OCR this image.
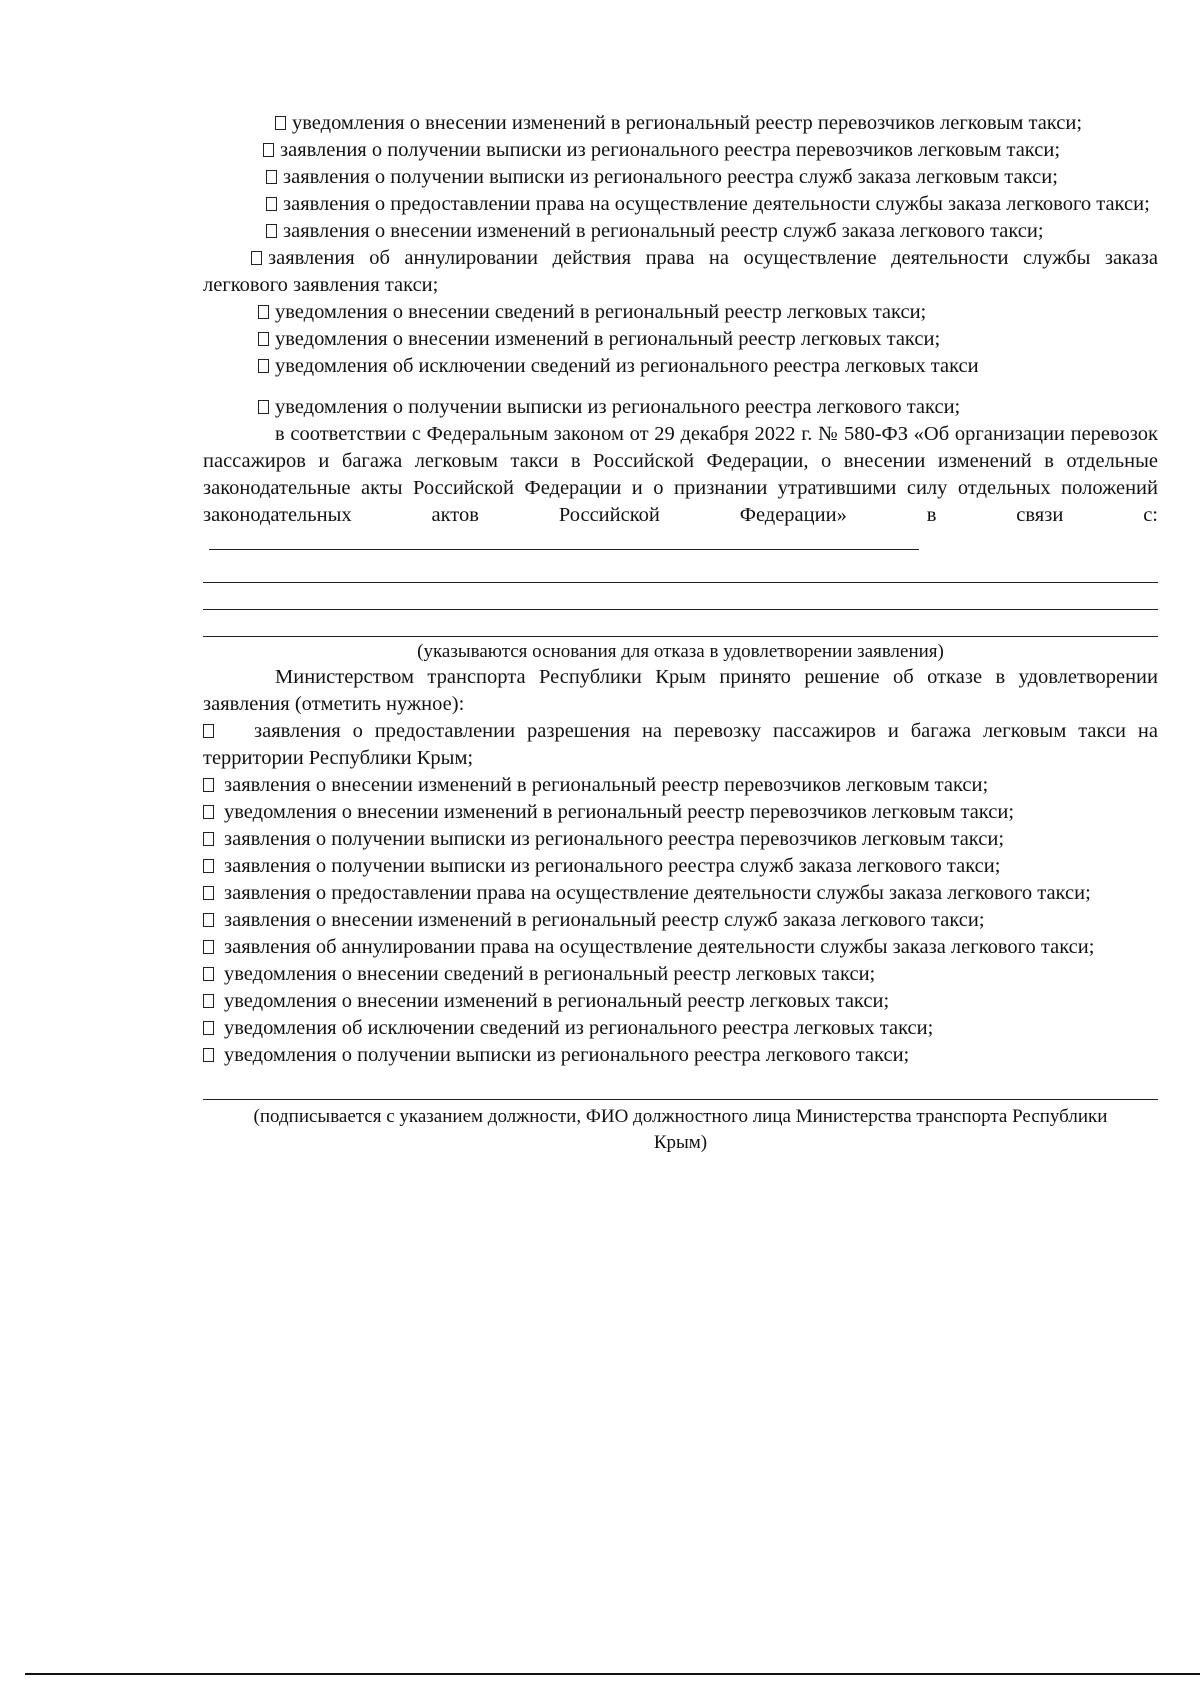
уведомления о внесении изменений в региональный реестр перевозчиков легковым такси;

заявления о получении выписки из регионального реестра перевозчиков легковым такси;

заявления о получении выписки из регионального реестра служб заказа легковым такси;

заявления о предоставлении права на осуществление деятельности службы заказа легкового такси;

заявления о внесении изменений в региональный реестр служб заказа легкового такси;

заявления об аннулировании действия права на осуществление деятельности службы заказа легкового заявления такси;

уведомления о внесении сведений в региональный реестр легковых такси;

уведомления о внесении изменений в региональный реестр легковых такси;

уведомления об исключении сведений из регионального реестра легковых такси

уведомления о получении выписки из регионального реестра легкового такси;

в соответствии с Федеральным законом от 29 декабря 2022 г. № 580-ФЗ «Об организации перевозок пассажиров и багажа легковым такси в Российской Федерации, о внесении изменений в отдельные законодательные акты Российской Федерации и о признании утратившими силу отдельных положений законодательных актов Российской Федерации» в связи с:

(указываются основания для отказа в удовлетворении заявления)

Министерством транспорта Республики Крым принято решение об отказе в удовлетворении заявления (отметить нужное):

заявления о предоставлении разрешения на перевозку пассажиров и багажа легковым такси на территории Республики Крым;

заявления о внесении изменений в региональный реестр перевозчиков легковым такси;

уведомления о внесении изменений в региональный реестр перевозчиков легковым такси;

заявления о получении выписки из регионального реестра перевозчиков легковым такси;

заявления о получении выписки из регионального реестра служб заказа легкового такси;

заявления о предоставлении права на осуществление деятельности службы заказа легкового такси;

заявления о внесении изменений в региональный реестр служб заказа легкового такси;

заявления об аннулировании права на осуществление деятельности службы заказа легкового такси;

уведомления о внесении сведений в региональный реестр легковых такси;

уведомления о внесении изменений в региональный реестр легковых такси;

уведомления об исключении сведений из регионального реестра легковых такси;

уведомления о получении выписки из регионального реестра легкового такси;

(подписывается с указанием должности, ФИО должностного лица Министерства транспорта Республики Крым)
